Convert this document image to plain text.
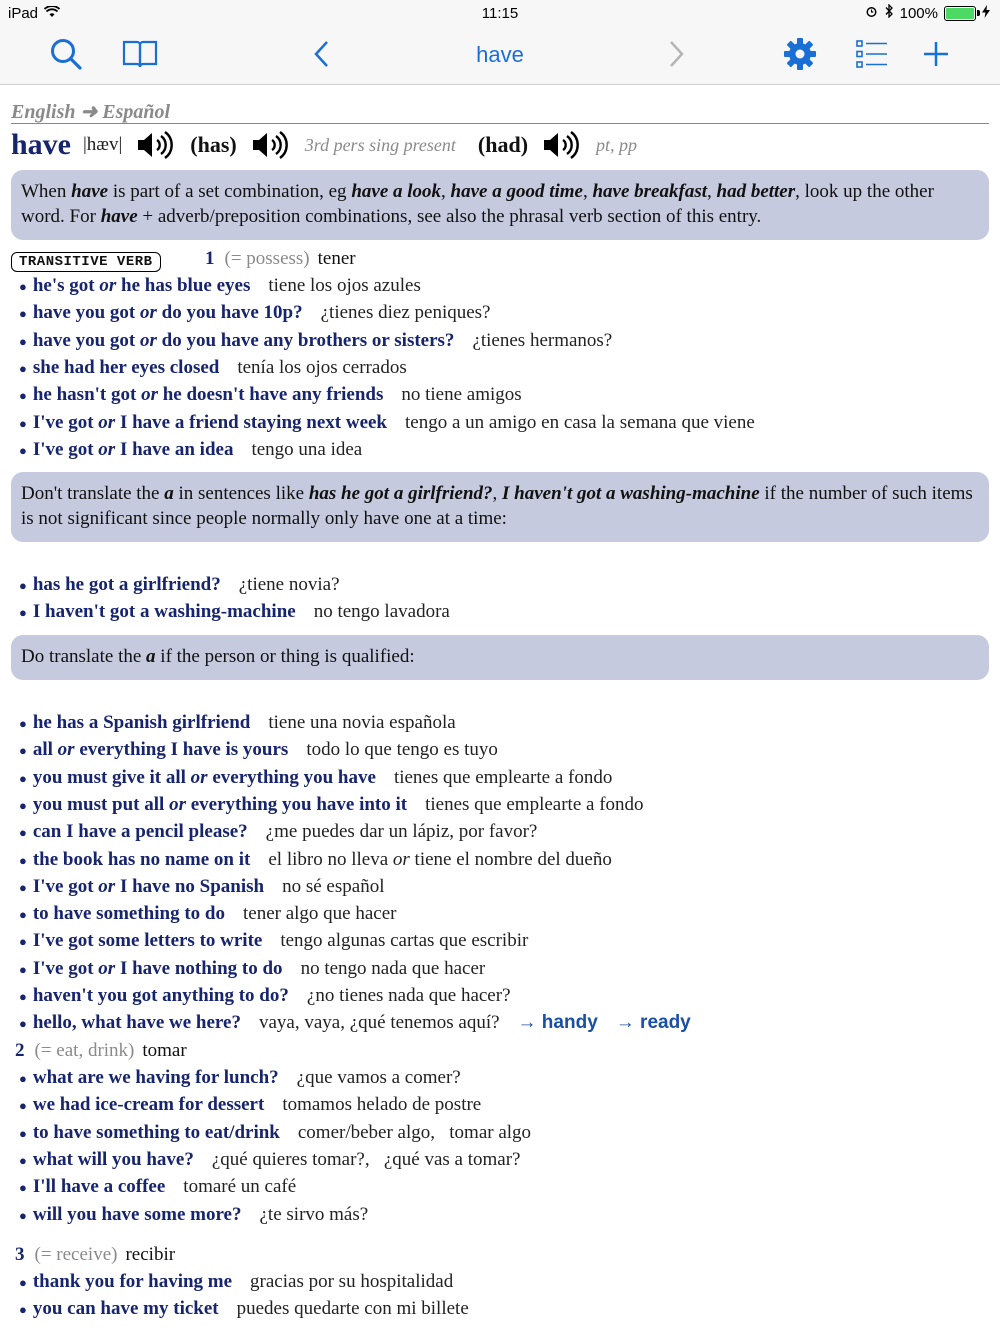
iPad	11:15	100%
have
English ➜ Español
have |hæv|	(has)	3rd pers sing present (had)	pt, pp
When have is part of a set combination, eg have a look, have a good time, have breakfast, had better, look up the other word. For have + adverb/preposition combinations, see also the phrasal verb section of this entry.
TRANSITIVE VERB	1 (= possess) tener
● he's got or he has blue eyes tiene los ojos azules
● have you got or do you have 10p? ¿tienes diez peniques?
● have you got or do you have any brothers or sisters? ¿tienes hermanos?
● she had her eyes closed tenía los ojos cerrados
● he hasn't got or he doesn't have any friends no tiene amigos
● I've got or I have a friend staying next week tengo a un amigo en casa la semana que viene
● I've got or I have an idea tengo una idea
Don't translate the a in sentences like has he got a girlfriend?, I haven't got a washing-machine if the number of such items is not significant since people normally only have one at a time:
● has he got a girlfriend? ¿tiene novia?
● I haven't got a washing-machine no tengo lavadora
Do translate the a if the person or thing is qualified:
● he has a Spanish girlfriend tiene una novia española
● all or everything I have is yours todo lo que tengo es tuyo
● you must give it all or everything you have tienes que emplearte a fondo
● you must put all or everything you have into it tienes que emplearte a fondo
● can I have a pencil please? ¿me puedes dar un lápiz, por favor?
● the book has no name on it el libro no lleva or tiene el nombre del dueño
● I've got or I have no Spanish no sé español
● to have something to do tener algo que hacer
● I've got some letters to write tengo algunas cartas que escribir
● I've got or I have nothing to do no tengo nada que hacer
● haven't you got anything to do? ¿no tienes nada que hacer?
● hello, what have we here? vaya, vaya, ¿qué tenemos aquí? → handy → ready
2 (= eat, drink) tomar
● what are we having for lunch? ¿que vamos a comer?
● we had ice-cream for dessert tomamos helado de postre
● to have something to eat/drink comer/beber algo,   tomar algo
● what will you have? ¿qué quieres tomar?,   ¿qué vas a tomar?
● I'll have a coffee tomaré un café
● will you have some more? ¿te sirvo más?
3 (= receive) recibir
● thank you for having me gracias por su hospitalidad
● you can have my ticket puedes quedarte con mi billete
